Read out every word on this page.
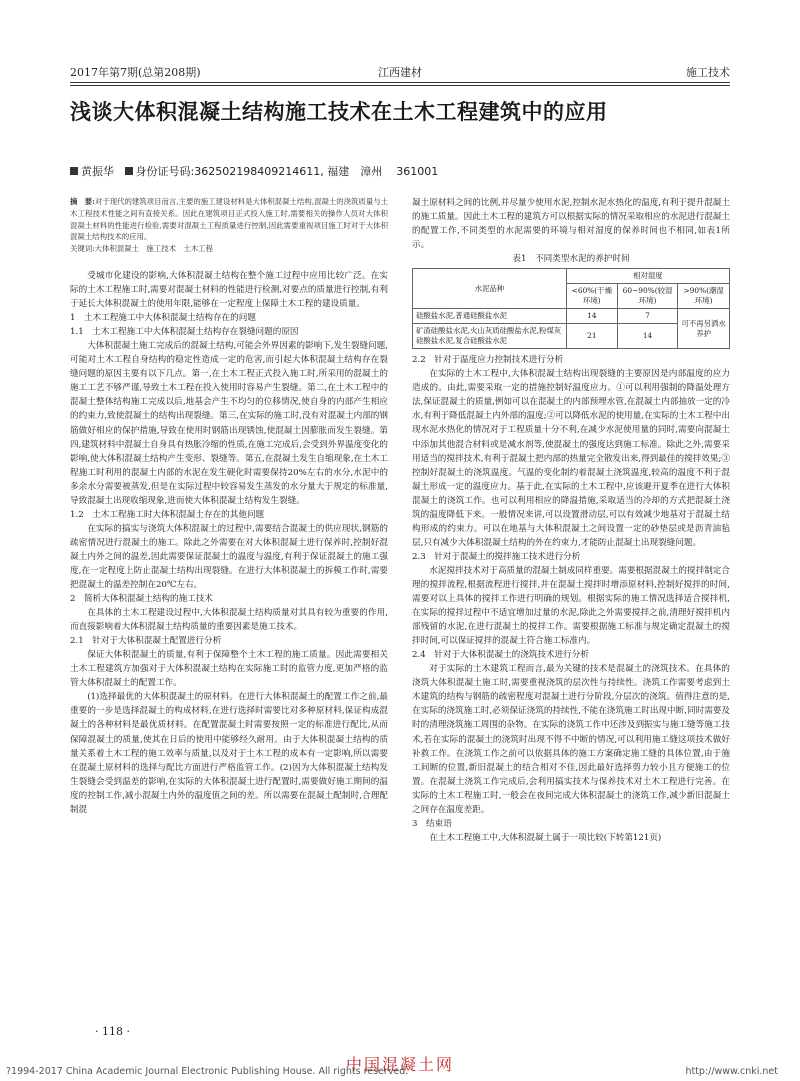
2017年第7期(总第208期)	江西建材	施工技术
浅谈大体积混凝土结构施工技术在土木工程建筑中的应用
黄振华 身份证号码:362502198409214611, 福建　漳州 361001
摘　要:对于现代的建筑项目而言,主要的施工建设材料是大体积混凝土结构,混凝土的浇筑质量与土木工程技术性能之间有直接关系。因此在建筑项目正式投入施工时,需要相关的操作人员对大体积混凝土材料的性能进行检验,需要对混凝土工程质量进行控制,因此需要重视项目施工时对于大体积混凝土结构技术的应用。
关键词:大体积混凝土　施工技术　土木工程

受城市化建设的影响,大体积混凝土结构在整个施工过程中应用比较广泛。在实际的土木工程施工时,需要对混凝土材料的性能进行检测,对要点的质量进行控制,有利于延长大体积混凝土的使用年限,能够在一定程度上保障土木工程的建设质量。

1　土木工程施工中大体积混凝土结构存在的问题

1.1　土木工程施工中大体积混凝土结构存在裂缝问题的原因

大体积混凝土施工完成后的混凝土结构,可能会外界因素的影响下,发生裂缝问题,可能对土木工程自身结构的稳定性造成一定的危害,而引起大体积混凝土结构存在裂缝问题的原因主要有以下几点。第一,在土木工程正式投入施工时,所采用的混凝土的施工工艺不够严谨,导致土木工程在投入使用时容易产生裂缝。第二,在土木工程中的混凝土整体结构施工完成以后,地基会产生不均匀的位移情况,使自身的内部产生相应的约束力,致使混凝土的结构出现裂缝。第三,在实际的施工时,没有对混凝土内部的钢筋做好相应的保护措施,导致在使用时钢筋出现锈蚀,使混凝土因膨胀而发生裂缝。第四,建筑材料中混凝土自身具有热胀冷缩的性质,在施工完成后,会受到外界温度变化的影响,使大体积混凝土结构产生变形、裂缝等。第五,在混凝土发生自缩现象,在土木工程施工时利用的混凝土内部的水泥在发生硬化时需要保持20%左右的水分,水泥中的多余水分需要被蒸发,但是在实际过程中较容易发生蒸发的水分量大于规定的标准量,导致混凝土出现收缩现象,进而使大体积混凝土结构发生裂缝。

1.2　土木工程施工时大体积混凝土存在的其他问题

在实际的搞实与浇筑大体积混凝土的过程中,需要结合混凝土的供应现状,钢筋的疏密情况进行混凝土的施工。除此之外需要在对大体积混凝土进行保养时,控制好混凝土内外之间的温差,因此需要保证混凝土的温度与温度,有利于保证混凝土的施工强度,在一定程度上防止混凝土结构出现裂缝。在进行大体积混凝土的拆模工作时,需要把混凝土的温差控制在20℃左右。

2　简析大体积混凝土结构的施工技术

在具体的土木工程建设过程中,大体积混凝土结构质量对其具有较为重要的作用,而直接影响着大体积混凝土结构质量的重要因素是施工技术。

2.1　针对于大体积混凝土配置进行分析

保证大体积混凝土的质量,有利于保障整个土木工程的施工质量。因此需要相关土木工程建筑方加强对于大体积混凝土结构在实际施工时的监管力度,更加严格的监管大体积混凝土的配置工作。

(1)选择最优的大体积混凝土的原材料。在进行大体积混凝土的配置工作之前,最重要的一步是选择混凝土的构成材料,在进行选择时需要比对多种原材料,保证构成混凝土的各种材料是最优质材料。在配置混凝土时需要按照一定的标准进行配比,从而保障混凝土的质量,使其在日后的使用中能够经久耐用。由于大体积混凝土结构的质量关系着土木工程的施工效率与质量,以及对于土木工程的成本有一定影响,所以需要在混凝土原材料的选择与配比方面进行严格监管工作。(2)因为大体积混凝土结构发生裂缝会受到温差的影响,在实际的大体积混凝土进行配置时,需要做好施工期间的温度的控制工作,减小混凝土内外的温度值之间的差。所以需要在混凝土配制时,合理配制混

凝土原材料之间的比例,并尽量少使用水泥,控制水泥水热化的温度,有利于提升混凝土的施工质量。因此土木工程的建筑方可以根据实际的情况采取相应的水泥进行混凝土的配置工作,不同类型的水泥需要的环境与相对湿度的保养时间也不相同,如表1所示。

表1　不同类型水泥的养护时间

水泥品种	相对湿度		
	<60%(干燥环境)	60~90%(较湿环境)	>90%(潮湿环境)
硅酸盐水泥,普通硅酸盐水泥	14	7	可不再另洒水养护
矿渣硅酸盐水泥,火山灰质硅酸盐水泥,粉煤灰硅酸盐水泥,复合硅酸盐水泥	21	14	

2.2　针对于温度应力控制技术进行分析

在实际的土木工程中,大体积混凝土结构出现裂缝的主要原因是内部温度的应力造成的。由此,需要采取一定的措施控制好温度应力。①可以利用强制的降温处理方法,保证混凝土的质量,例如可以在混凝土的内部预埋水管,在混凝土内部抽放一定的冷水,有利于降低混凝土内外部的温度;②可以降低水泥的使用量,在实际的土木工程中出现水泥水热化的情况对于工程质量十分不利,在减少水泥使用量的同时,需要向混凝土中添加其他混合材料或是减水剂等,使混凝土的强度达到施工标准。除此之外,需要采用适当的搅拌技术,有利于混凝土把内部的热量完全散发出来,得到最佳的搅拌效果;③控制好混凝土的浇筑温度。气温的变化制约着混凝土浇筑温度,较高的温度不利于混凝土形成一定的温度应力。基于此,在实际的土木工程中,应该避开夏季在进行大体积混凝土的浇筑工作。也可以利用相应的降温措施,采取适当的冷却的方式把混凝土浇筑的温度降低下来。一般情况来讲,可以设置滑动层,可以有效减少地基对于混凝土结构形成的约束力。可以在地基与大体积混凝土之间设置一定的砂垫层或是沥青油毡层,只有减少大体积混凝土结构的外在约束力,才能防止混凝土出现裂缝问题。

2.3　针对于混凝土的搅拌施工技术进行分析

水泥搅拌技术对于高质量的混凝土制成同样重要。需要根据混凝土的搅拌制定合理的搅拌流程,根据流程进行搅拌,并在混凝土搅拌时增添原材料,控制好搅拌的时间,需要对以上具体的搅拌工作进行明确的规划。根据实际的施工情况选择适合搅拌机,在实际的搅拌过程中不适宜增加过量的水泥,除此之外需要搅拌之前,清理好搅拌机内部残留的水泥,在进行混凝土的搅拌工作。需要根据施工标准与规定确定混凝土的搅拌时间,可以保证搅拌的混凝土符合施工标准内。

2.4　针对于大体积混凝土的浇筑技术进行分析

对于实际的土木建筑工程而言,最为关键的技术是混凝土的浇筑技术。在具体的浇筑大体积混凝土施工时,需要重视浇筑的层次性与持续性。浇筑工作需要考虑到土木建筑的结构与钢筋的疏密程度对混凝土进行分阶段,分层次的浇筑。值得注意的是,在实际的浇筑施工时,必须保证浇筑的持续性,不能在浇筑施工时出现中断,同时需要及时的清理浇筑施工周围的杂物。在实际的浇筑工作中还涉及到振实与施工缝等施工技术,若在实际的混凝土的浇筑时出现不得不中断的情况,可以利用施工缝这项技术做好补救工作。在浇筑工作之前可以依据具体的施工方案确定施工缝的具体位置,由于施工间断的位置,新旧混凝土的结合相对不佳,因此最好选择剪力较小且方便施工的位置。在混凝土浇筑工作完成后,会利用搞实技术与保养技术对土木工程进行完善。在实际的土木工程施工时,一般会在夜间完成大体积混凝土的浇筑工作,减少新旧混凝土之间存在温度差距。

3　结束语

在土木工程施工中,大体积混凝土属于一项比较(下转第121页)

· 118 ·
中国混凝土网
?1994-2017 China Academic Journal Electronic Publishing House. All rights reserved.	http://www.cnki.net
